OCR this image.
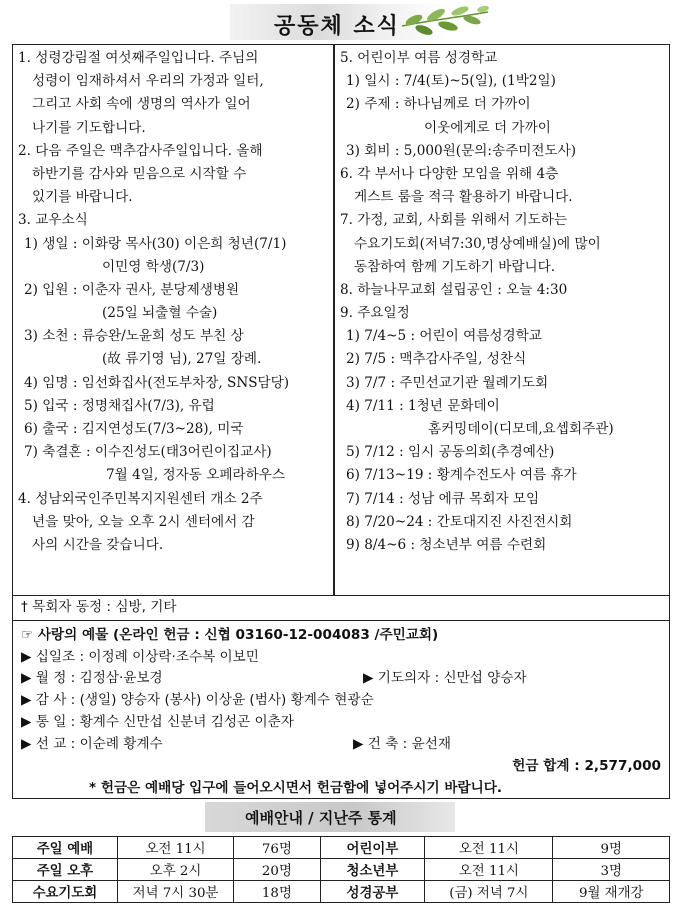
공동체 소식
1. 성령강림절 여섯째주일입니다. 주님의
성령이 임재하셔서 우리의 가정과 일터,
그리고 사회 속에 생명의 역사가 일어
나기를 기도합니다.
2. 다음 주일은 맥추감사주일입니다. 올해
하반기를 감사와 믿음으로 시작할 수
있기를 바랍니다.
3. 교우소식
1) 생일 : 이화랑 목사(30) 이은희 청년(7/1)
이민영 학생(7/3)
2) 입원 : 이춘자 권사, 분당제생병원
(25일 뇌출혈 수술)
3) 소천 : 류승완/노윤희 성도 부친 상
(故 류기영 님), 27일 장례.
4) 임명 : 임선화집사(전도부차장, SNS담당)
5) 입국 : 정명채집사(7/3), 유럽
6) 출국 : 김지연성도(7/3~28), 미국
7) 축결혼 : 이수진성도(태3어린이집교사)
7월 4일, 정자동 오페라하우스
4. 성남외국인주민복지지원센터 개소 2주
년을 맞아, 오늘 오후 2시 센터에서 감
사의 시간을 갖습니다.
5. 어린이부 여름 성경학교
1) 일시 : 7/4(토)~5(일), (1박2일)
2) 주제 : 하나님께로 더 가까이
이웃에게로 더 가까이
3) 회비 : 5,000원(문의:송주미전도사)
6. 각 부서나 다양한 모임을 위해 4층
게스트 룸을 적극 활용하기 바랍니다.
7. 가정, 교회, 사회를 위해서 기도하는
수요기도회(저녁7:30,명상예배실)에 많이
동참하여 함께 기도하기 바랍니다.
8. 하늘나무교회 설립공인 : 오늘 4:30
9. 주요일정
1) 7/4~5 : 어린이 여름성경학교
2) 7/5 : 맥추감사주일, 성찬식
3) 7/7 : 주민선교기관 월례기도회
4) 7/11 : 1청년 문화데이
홈커밍데이(디모데,요셉회주관)
5) 7/12 : 임시 공동의회(추경예산)
6) 7/13~19 : 황계수전도사 여름 휴가
7) 7/14 : 성남 에큐 목회자 모임
8) 7/20~24 : 간토대지진 사진전시회
9) 8/4~6 : 청소년부 여름 수련회
† 목회자 동정 : 심방, 기타
☞ 사랑의 예물 (온라인 헌금 : 신협 03160-12-004083 /주민교회)
▶ 십일조 : 이정례 이상락·조수복 이보민
▶ 월 정 : 김정삼·윤보경	▶ 기도의자 : 신만섭 양승자
▶ 감 사 : (생일) 양승자 (봉사) 이상윤 (범사) 황계수 현광순
▶ 통 일 : 황계수 신만섭 신분녀 김성곤 이춘자
▶ 선 교 : 이순례 황계수	▶ 건 축 : 윤선재
헌금 합계 : 2,577,000
* 헌금은 예배당 입구에 들어오시면서 헌금함에 넣어주시기 바랍니다.
예배안내 / 지난주 통계
주일 예배	오전 11시	76명	어린이부	오전 11시	9명
주일 오후	오후 2시	20명	청소년부	오전 11시	3명
수요기도회	저녁 7시 30분	18명	성경공부	(금) 저녁 7시	9월 재개강
